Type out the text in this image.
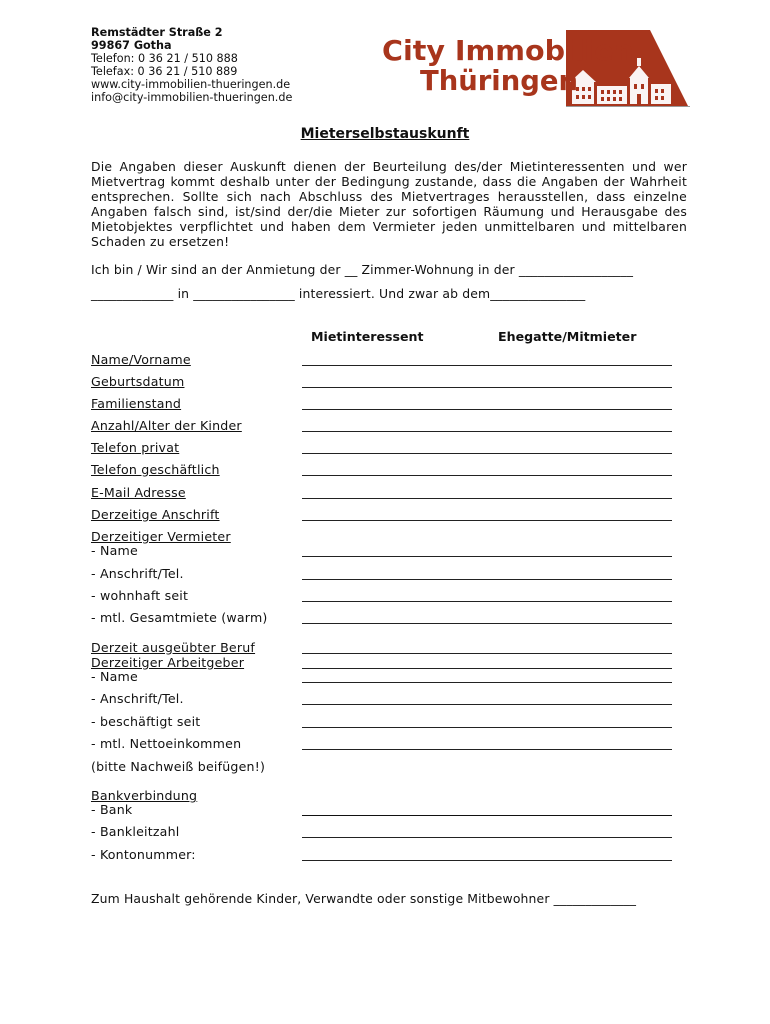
Remstädter Straße 2
99867 Gotha
Telefon: 0 36 21 / 510 888
Telefax: 0 36 21 / 510 889
www.city-immobilien-thueringen.de
info@city-immobilien-thueringen.de
City Immobilien
Thüringen
Mieterselbstauskunft
Die Angaben dieser Auskunft dienen der Beurteilung des/der Mietinteressenten und wer Mietvertrag kommt deshalb unter der Bedingung zustande, dass die Angaben der Wahrheit entsprechen. Sollte sich nach Abschluss des Mietvertrages herausstellen, dass einzelne Angaben falsch sind, ist/sind der/die Mieter zur sofortigen Räumung und Herausgabe des Mietobjektes verpflichtet und haben dem Vermieter jeden unmittelbaren und mittelbaren Schaden zu ersetzen!
Ich bin / Wir sind an der Anmietung der __ Zimmer-Wohnung in der __________________
_____________ in ________________ interessiert. Und zwar ab dem_______________
Mietinteressent	Ehegatte/Mitmieter
Name/Vorname
Geburtsdatum
Familienstand
Anzahl/Alter der Kinder
Telefon privat
Telefon geschäftlich
E-Mail Adresse
Derzeitige Anschrift
Derzeitiger Vermieter
- Name
- Anschrift/Tel.
- wohnhaft seit
- mtl. Gesamtmiete (warm)
Derzeit ausgeübter Beruf
Derzeitiger Arbeitgeber
- Name
- Anschrift/Tel.
- beschäftigt seit
- mtl. Nettoeinkommen
(bitte Nachweiß beifügen!)
Bankverbindung
- Bank
- Bankleitzahl
- Kontonummer:
Zum Haushalt gehörende Kinder, Verwandte oder sonstige Mitbewohner _____________
